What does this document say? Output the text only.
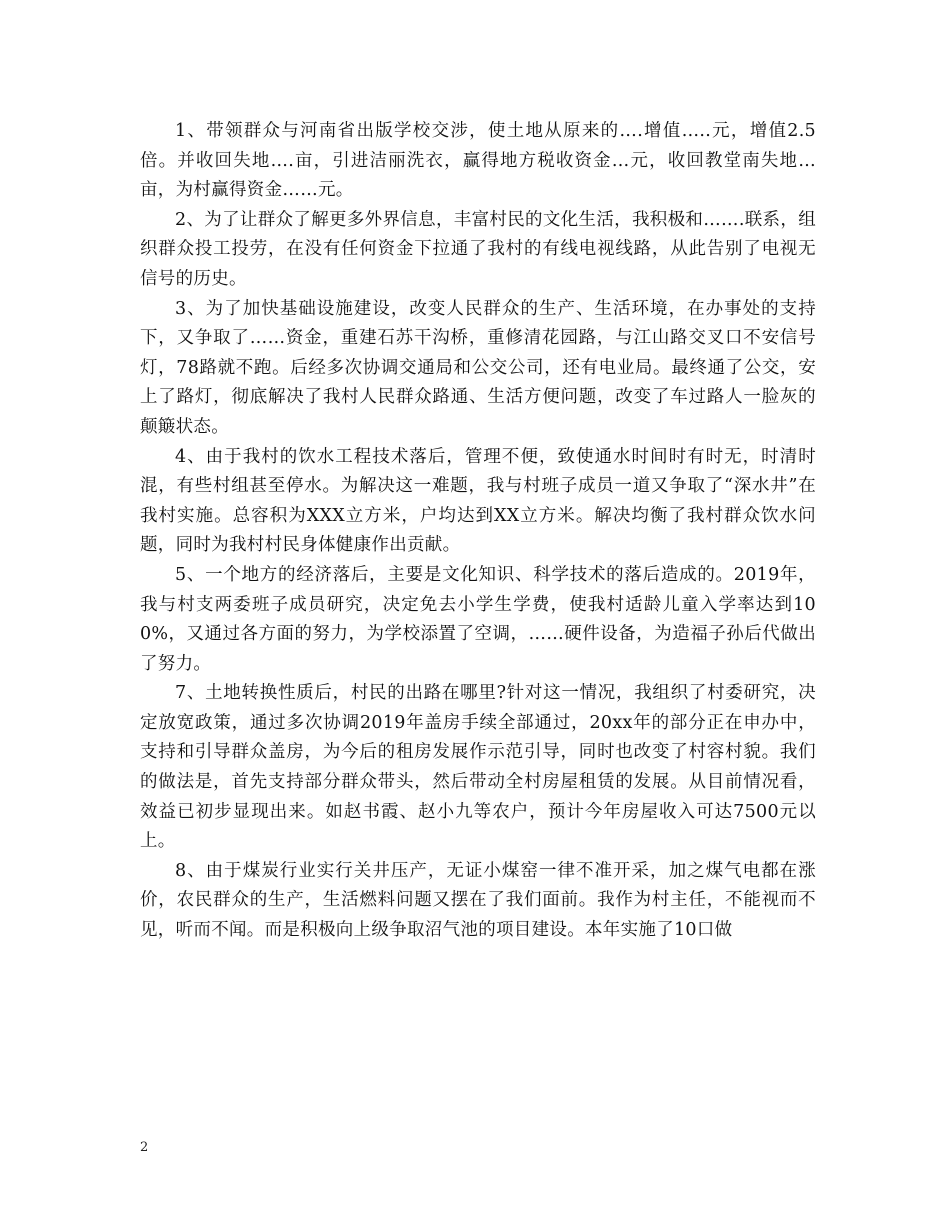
1、带领群众与河南省出版学校交涉，使土地从原来的….增值…..元，增值2.5倍。并收回失地….亩，引进洁丽洗衣，赢得地方税收资金…元，收回教堂南失地…亩，为村赢得资金……元。

2、为了让群众了解更多外界信息，丰富村民的文化生活，我积极和…….联系，组织群众投工投劳，在没有任何资金下拉通了我村的有线电视线路，从此告别了电视无信号的历史。

3、为了加快基础设施建设，改变人民群众的生产、生活环境，在办事处的支持下，又争取了……资金，重建石苏干沟桥，重修清花园路，与江山路交叉口不安信号灯，78路就不跑。后经多次协调交通局和公交公司，还有电业局。最终通了公交，安上了路灯，彻底解决了我村人民群众路通、生活方便问题，改变了车过路人一脸灰的颠簸状态。

4、由于我村的饮水工程技术落后，管理不便，致使通水时间时有时无，时清时混，有些村组甚至停水。为解决这一难题，我与村班子成员一道又争取了“深水井”在我村实施。总容积为XXX立方米，户均达到XX立方米。解决均衡了我村群众饮水问题，同时为我村村民身体健康作出贡献。

5、一个地方的经济落后，主要是文化知识、科学技术的落后造成的。2019年，我与村支两委班子成员研究，决定免去小学生学费，使我村适龄儿童入学率达到100%，又通过各方面的努力，为学校添置了空调，……硬件设备，为造福子孙后代做出了努力。

7、土地转换性质后，村民的出路在哪里?针对这一情况，我组织了村委研究，决定放宽政策，通过多次协调2019年盖房手续全部通过，20xx年的部分正在申办中，支持和引导群众盖房，为今后的租房发展作示范引导，同时也改变了村容村貌。我们的做法是，首先支持部分群众带头，然后带动全村房屋租赁的发展。从目前情况看，效益已初步显现出来。如赵书霞、赵小九等农户，预计今年房屋收入可达7500元以上。

8、由于煤炭行业实行关井压产，无证小煤窑一律不准开采，加之煤气电都在涨价，农民群众的生产，生活燃料问题又摆在了我们面前。我作为村主任，不能视而不见，听而不闻。而是积极向上级争取沼气池的项目建设。本年实施了10口做

2
